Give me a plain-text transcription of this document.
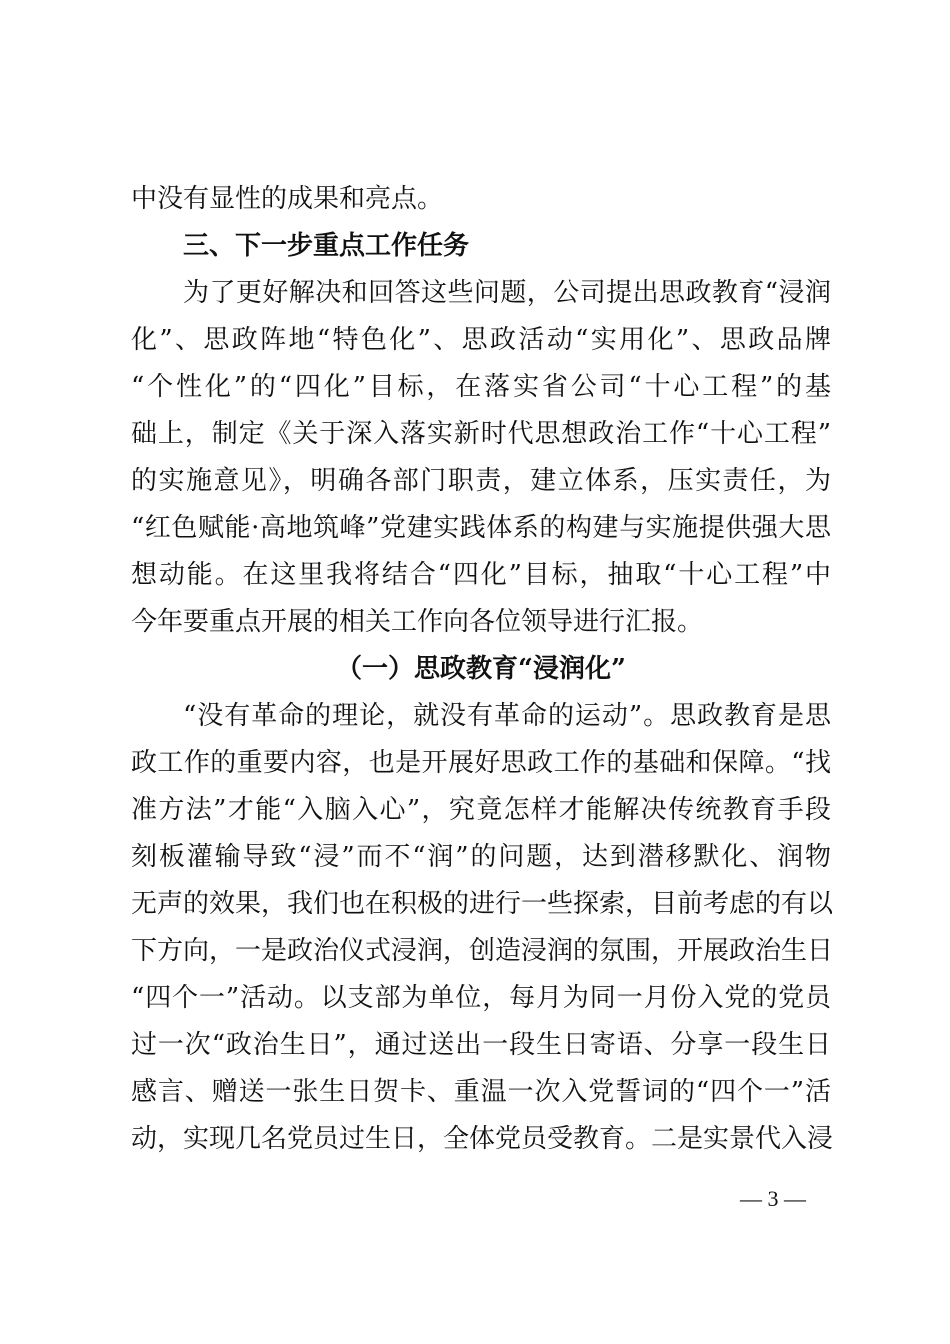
中没有显性的成果和亮点。
三、下一步重点工作任务
为了更好解决和回答这些问题，公司提出思政教育“浸润
化”、思政阵地“特色化”、思政活动“实用化”、思政品牌
“个性化”的“四化”目标，在落实省公司“十心工程”的基
础上，制定《关于深入落实新时代思想政治工作“十心工程”
的实施意见》，明确各部门职责，建立体系，压实责任，为
“红色赋能·高地筑峰”党建实践体系的构建与实施提供强大思
想动能。在这里我将结合“四化”目标，抽取“十心工程”中
今年要重点开展的相关工作向各位领导进行汇报。
（一）思政教育“浸润化”
“没有革命的理论，就没有革命的运动”。思政教育是思
政工作的重要内容，也是开展好思政工作的基础和保障。“找
准方法”才能“入脑入心”，究竟怎样才能解决传统教育手段
刻板灌输导致“浸”而不“润”的问题，达到潜移默化、润物
无声的效果，我们也在积极的进行一些探索，目前考虑的有以
下方向，一是政治仪式浸润，创造浸润的氛围，开展政治生日
“四个一”活动。以支部为单位，每月为同一月份入党的党员
过一次“政治生日”，通过送出一段生日寄语、分享一段生日
感言、赠送一张生日贺卡、重温一次入党誓词的“四个一”活
动，实现几名党员过生日，全体党员受教育。二是实景代入浸
— 3 —
